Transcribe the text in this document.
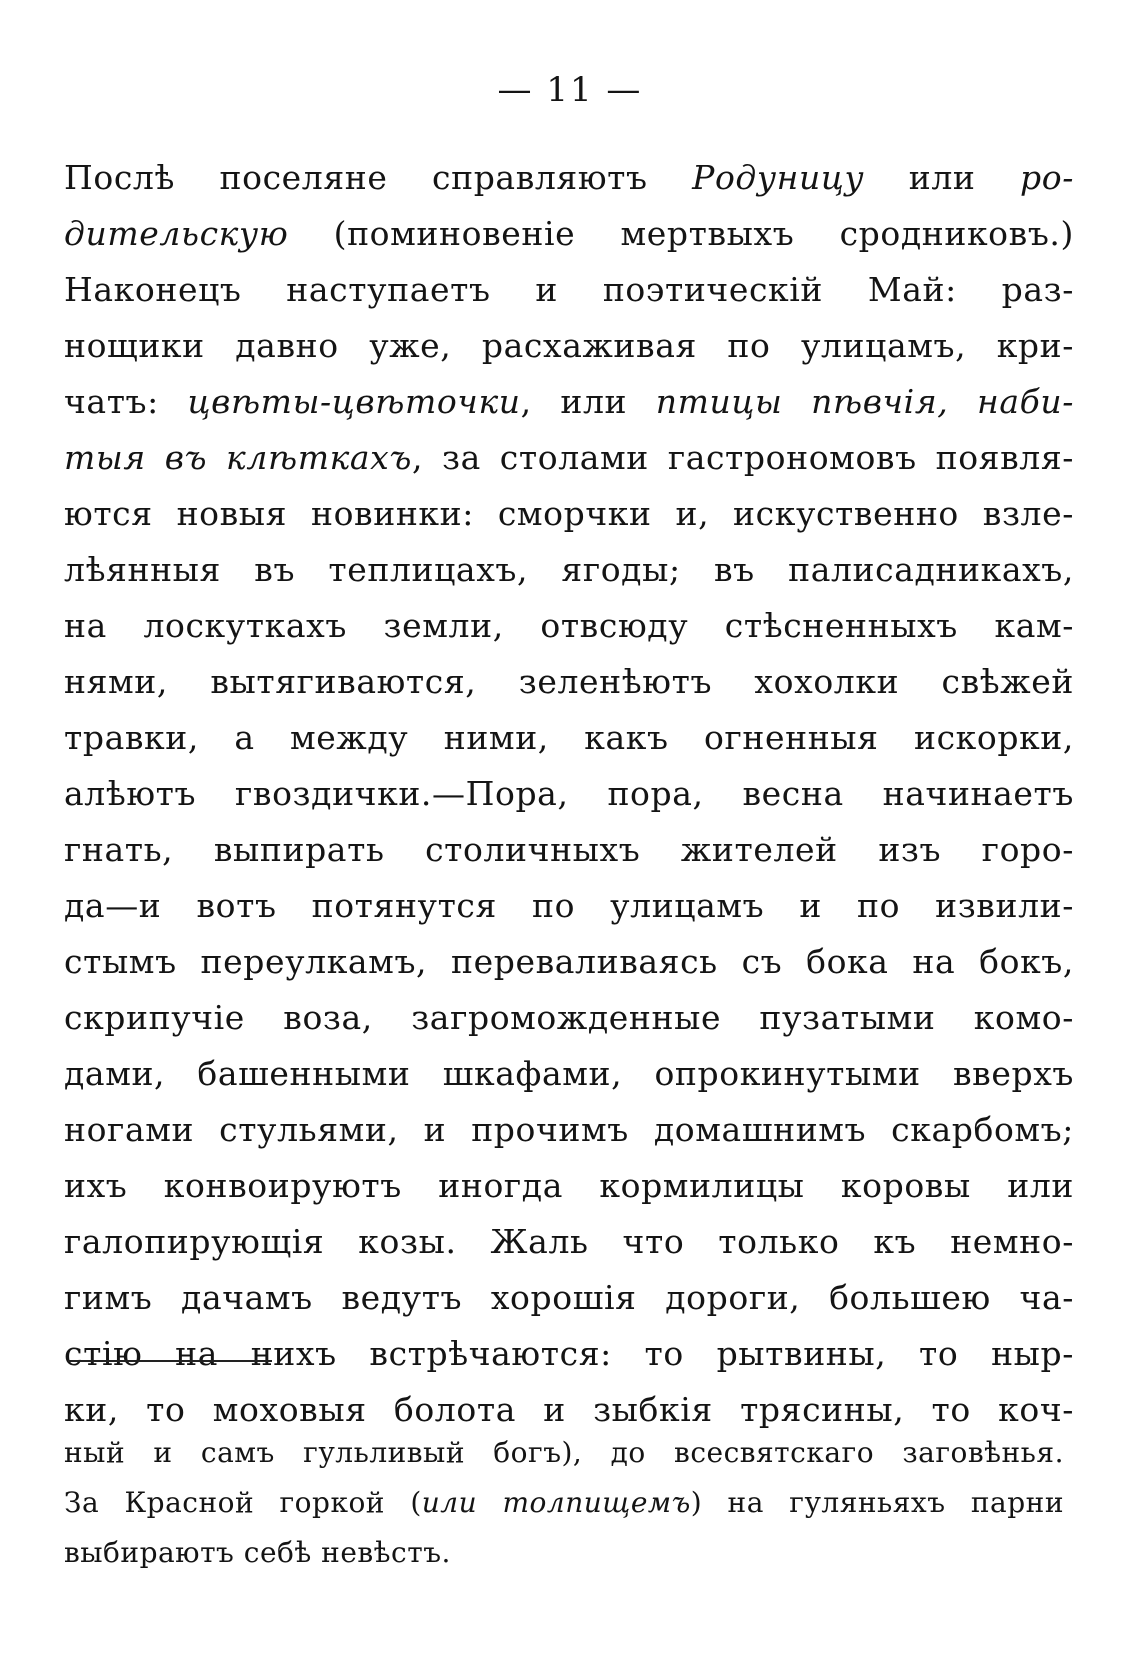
— 11 —
Послѣ поселяне справляютъ Родуницу или ро-
дительскую (поминовенiе мертвыхъ сродниковъ.)
Наконецъ наступаетъ и поэтическiй Май: раз-
нощики давно уже, расхаживая по улицамъ, кри-
чатъ: цвѣты-цвѣточки, или птицы пѣвчiя, наби-
тыя въ клѣткахъ, за столами гастрономовъ появля-
ются новыя новинки: сморчки и, искуственно взле-
лѣянныя въ теплицахъ, ягоды; въ палисадникахъ,
на лоскуткахъ земли, отвсюду стѣсненныхъ кам-
нями, вытягиваются, зеленѣютъ хохолки свѣжей
травки, а между ними, какъ огненныя искорки,
алѣютъ гвоздички.—Пора, пора, весна начинаетъ
гнать, выпирать столичныхъ жителей изъ горо-
да—и вотъ потянутся по улицамъ и по извили-
стымъ переулкамъ, переваливаясь съ бока на бокъ,
скрипучiе воза, загроможденные пузатыми комо-
дами, башенными шкафами, опрокинутыми вверхъ
ногами стульями, и прочимъ домашнимъ скарбомъ;
ихъ конвоируютъ иногда кормилицы коровы или
галопирующiя козы. Жаль что только къ немно-
гимъ дачамъ ведутъ хорошiя дороги, большею ча-
стiю на нихъ встрѣчаются: то рытвины, то ныр-
ки, то моховыя болота и зыбкiя трясины, то коч-
ный и самъ гульливый богъ), до всесвятскаго заговѣнья.
За Красной горкой (или толпищемъ) на гуляньяхъ парни
выбираютъ себѣ невѣстъ.
